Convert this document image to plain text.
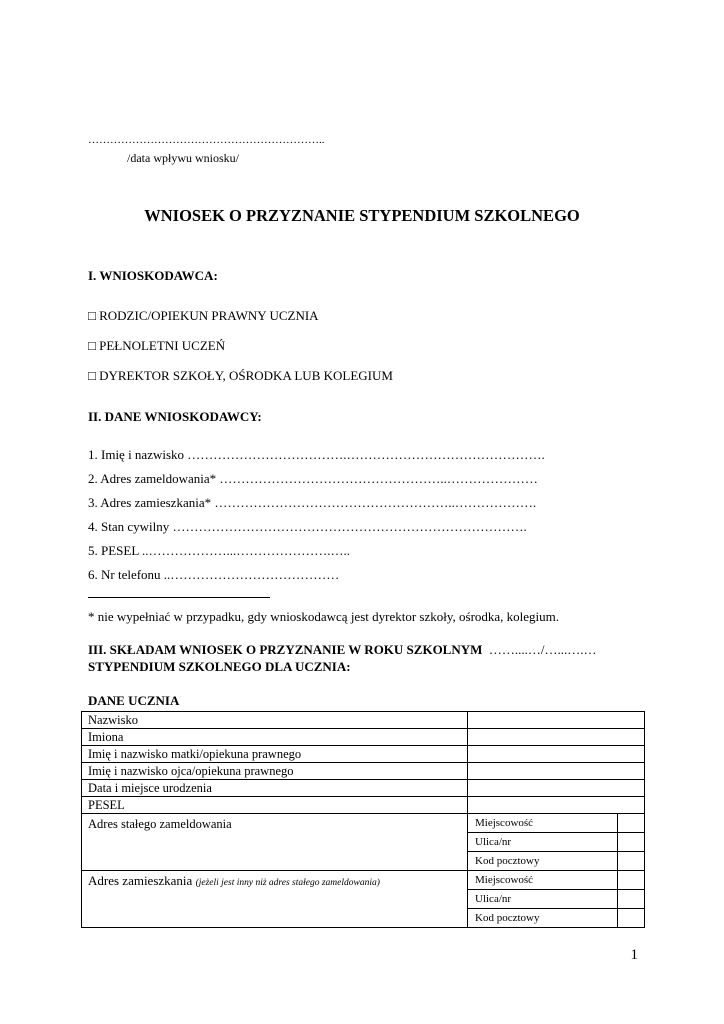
………………………………………………………..
/data wpływu wniosku/
WNIOSEK O PRZYZNANIE STYPENDIUM SZKOLNEGO
I. WNIOSKODAWCA:
□ RODZIC/OPIEKUN PRAWNY UCZNIA
□ PEŁNOLETNI UCZEŃ
□ DYREKTOR SZKOŁY, OŚRODKA LUB KOLEGIUM
II. DANE WNIOSKODAWCY:
1. Imię i nazwisko ……………………………….……………………………………….
2. Adres zameldowania* ……………………………………………..…………………
3. Adres zamieszkania* ………………………………………………..……………….
4. Stan cywilny ……………………………………………………………………….
5. PESEL ..………………...………………….…..
6. Nr telefonu ..…………………………………
* nie wypełniać w przypadku, gdy wnioskodawcą jest dyrektor szkoły, ośrodka, kolegium.
III. SKŁADAM WNIOSEK O PRZYZNANIE W ROKU SZKOLNYM ……....…/…...….…
STYPENDIUM SZKOLNEGO DLA UCZNIA:
DANE UCZNIA
Nazwisko		
Imiona		
Imię i nazwisko matki/opiekuna prawnego		
Imię i nazwisko ojca/opiekuna prawnego		
Data i miejsce urodzenia		
PESEL		
Adres stałego zameldowania	Miejscowość	
	Ulica/nr	
	Kod pocztowy	
Adres zamieszkania (jeżeli jest inny niż adres stałego zameldowania)	Miejscowość	
	Ulica/nr	
	Kod pocztowy	
1
